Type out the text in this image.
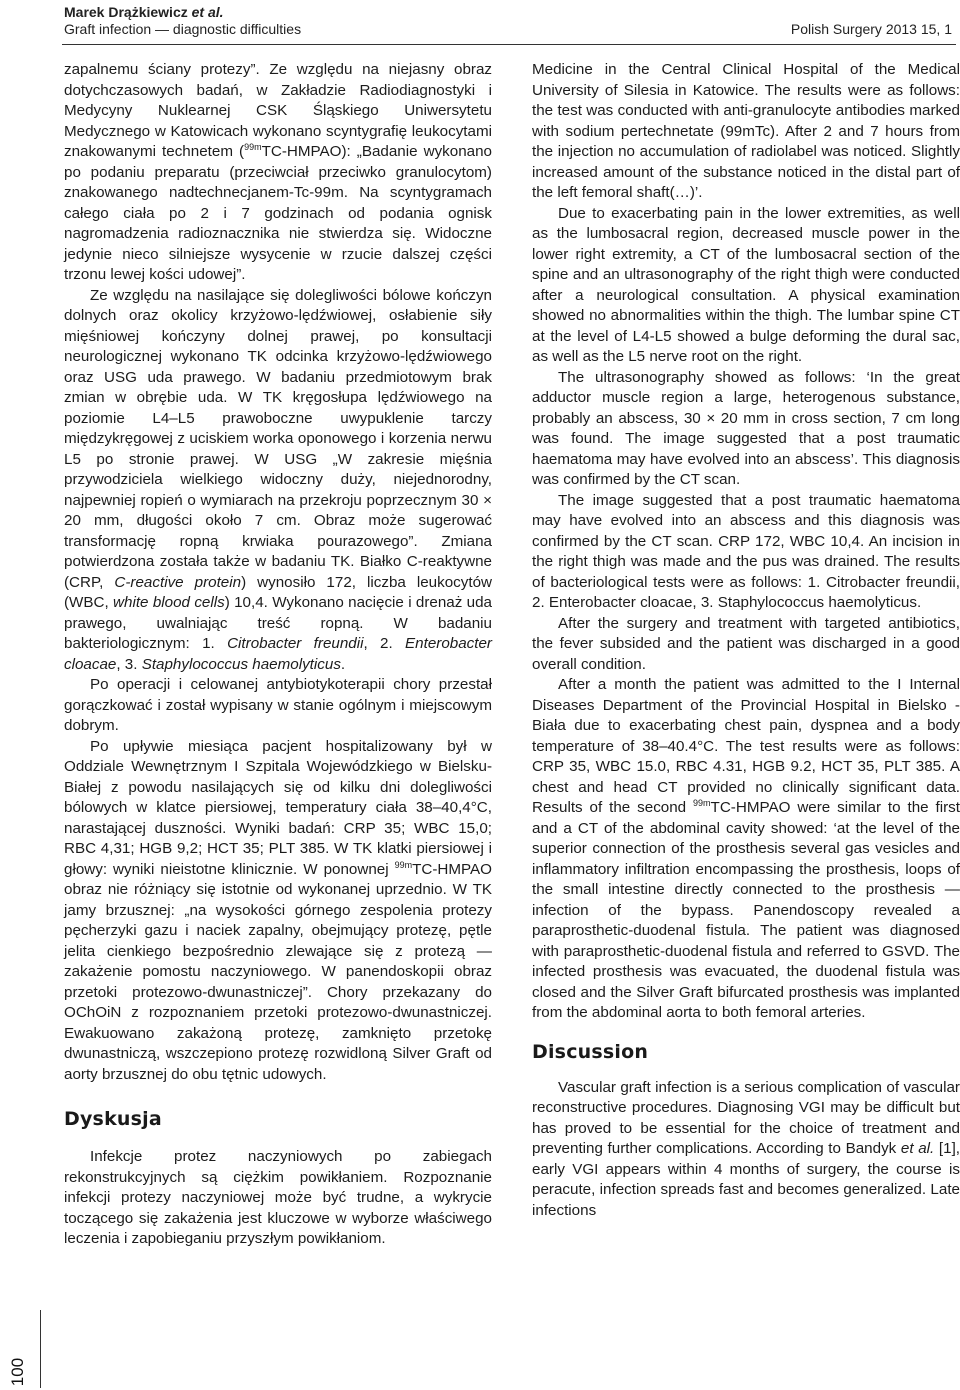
Marek Drążkiewicz et al.
Graft infection — diagnostic difficulties	Polish Surgery 2013 15, 1

zapalnemu ściany protezy”. Ze względu na niejasny obraz dotychczasowych badań, w Zakładzie Radiodiagnostyki i Medycyny Nuklearnej CSK Śląskiego Uniwersytetu Medycznego w Katowicach wykonano scyntygrafię leukocytami znakowanymi technetem ($^{99m}$TC-HMPAO): „Badanie wykonano po podaniu preparatu (przeciwciał przeciwko granulocytom) znakowanego nadtechnecjanem-Tc-99m. Na scyntygramach całego ciała po 2 i 7 godzinach od podania ognisk nagromadzenia radioznacznika nie stwierdza się. Widoczne jedynie nieco silniejsze wysycenie w rzucie dalszej części trzonu lewej kości udowej”.

Ze względu na nasilające się dolegliwości bólowe kończyn dolnych oraz okolicy krzyżowo-lędźwiowej, osłabienie siły mięśniowej kończyny dolnej prawej, po konsultacji neurologicznej wykonano TK odcinka krzyżowo-lędźwiowego oraz USG uda prawego. W badaniu przedmiotowym brak zmian w obrębie uda. W TK kręgosłupa lędźwiowego na poziomie L4–L5 prawoboczne uwypuklenie tarczy międzykręgowej z uciskiem worka oponowego i korzenia nerwu L5 po stronie prawej. W USG „W zakresie mięśnia przywodziciela wielkiego widoczny duży, niejednorodny, najpewniej ropień o wymiarach na przekroju poprzecznym 30 × 20 mm, długości około 7 cm. Obraz może sugerować transformację ropną krwiaka pourazowego”. Zmiana potwierdzona została także w badaniu TK. Białko C-reaktywne (CRP, C-reactive protein) wynosiło 172, liczba leukocytów (WBC, white blood cells) 10,4. Wykonano nacięcie i drenaż uda prawego, uwalniając treść ropną. W badaniu bakteriologicznym: 1. Citrobacter freundii, 2. Enterobacter cloacae, 3. Staphylococcus haemolyticus.

Po operacji i celowanej antybiotykoterapii chory przestał gorączkować i został wypisany w stanie ogólnym i miejscowym dobrym.

Po upływie miesiąca pacjent hospitalizowany był w Oddziale Wewnętrznym I Szpitala Wojewódzkiego w Bielsku-Białej z powodu nasilających się od kilku dni dolegliwości bólowych w klatce piersiowej, temperatury ciała 38–40,4°C, narastającej duszności. Wyniki badań: CRP 35; WBC 15,0; RBC 4,31; HGB 9,2; HCT 35; PLT 385. W TK klatki piersiowej i głowy: wyniki nieistotne klinicznie. W ponownej $^{99m}$TC-HMPAO obraz nie różniący się istotnie od wykonanej uprzednio. W TK jamy brzusznej: „na wysokości górnego zespolenia protezy pęcherzyki gazu i naciek zapalny, obejmujący protezę, pętle jelita cienkiego bezpośrednio zlewające się z protezą — zakażenie pomostu naczyniowego. W panendoskopii obraz przetoki protezowo-dwunastniczej”. Chory przekazany do OChOiN z rozpoznaniem przetoki protezowo-dwunastniczej. Ewakuowano zakażoną protezę, zamknięto przetokę dwunastniczą, wszczepiono protezę rozwidloną Silver Graft od aorty brzusznej do obu tętnic udowych.

Dyskusja

Infekcje protez naczyniowych po zabiegach rekonstrukcyjnych są ciężkim powikłaniem. Rozpoznanie infekcji protezy naczyniowej może być trudne, a wykrycie toczącego się zakażenia jest kluczowe w wyborze właściwego leczenia i zapobieganiu przyszłym powikłaniom.

Medicine in the Central Clinical Hospital of the Medical University of Silesia in Katowice. The results were as follows: the test was conducted with anti-granulocyte antibodies marked with sodium pertechnetate (99mTc). After 2 and 7 hours from the injection no accumulation of radiolabel was noticed. Slightly increased amount of the substance noticed in the distal part of the left femoral shaft(…)’.

Due to exacerbating pain in the lower extremities, as well as the lumbosacral region, decreased muscle power in the lower right extremity, a CT of the lumbosacral section of the spine and an ultrasonography of the right thigh were conducted after a neurological consultation. A physical examination showed no abnormalities within the thigh. The lumbar spine CT at the level of L4-L5 showed a bulge deforming the dural sac, as well as the L5 nerve root on the right.

The ultrasonography showed as follows: ‘In the great adductor muscle region a large, heterogenous substance, probably an abscess, 30 × 20 mm in cross section, 7 cm long was found. The image suggested that a post traumatic haematoma may have evolved into an abscess’. This diagnosis was confirmed by the CT scan.

The image suggested that a post traumatic haematoma may have evolved into an abscess and this diagnosis was confirmed by the CT scan. CRP 172, WBC 10,4. An incision in the right thigh was made and the pus was drained. The results of bacteriological tests were as follows: 1. Citrobacter freundii, 2. Enterobacter cloacae, 3. Staphylococcus haemolyticus.

After the surgery and treatment with targeted antibiotics, the fever subsided and the patient was discharged in a good overall condition.

After a month the patient was admitted to the I Internal Diseases Department of the Provincial Hospital in Bielsko -Biała due to exacerbating chest pain, dyspnea and a body temperature of 38–40.4°C. The test results were as follows: CRP 35, WBC 15.0, RBC 4.31, HGB 9.2, HCT 35, PLT 385. A chest and head CT provided no clinically significant data. Results of the second $^{99m}$TC-HMPAO were similar to the first and a CT of the abdominal cavity showed: ‘at the level of the superior connection of the prosthesis several gas vesicles and inflammatory infiltration encompassing the prosthesis, loops of the small intestine directly connected to the prosthesis — infection of the bypass. Panendoscopy revealed a paraprosthetic-duodenal fistula. The patient was diagnosed with paraprosthetic-duodenal fistula and referred to GSVD. The infected prosthesis was evacuated, the duodenal fistula was closed and the Silver Graft bifurcated prosthesis was implanted from the abdominal aorta to both femoral arteries.

Discussion

Vascular graft infection is a serious complication of vascular reconstructive procedures. Diagnosing VGI may be difficult but has proved to be essential for the choice of treatment and preventing further complications. According to Bandyk et al. [1], early VGI appears within 4 months of surgery, the course is peracute, infection spreads fast and becomes generalized. Late infections

100
